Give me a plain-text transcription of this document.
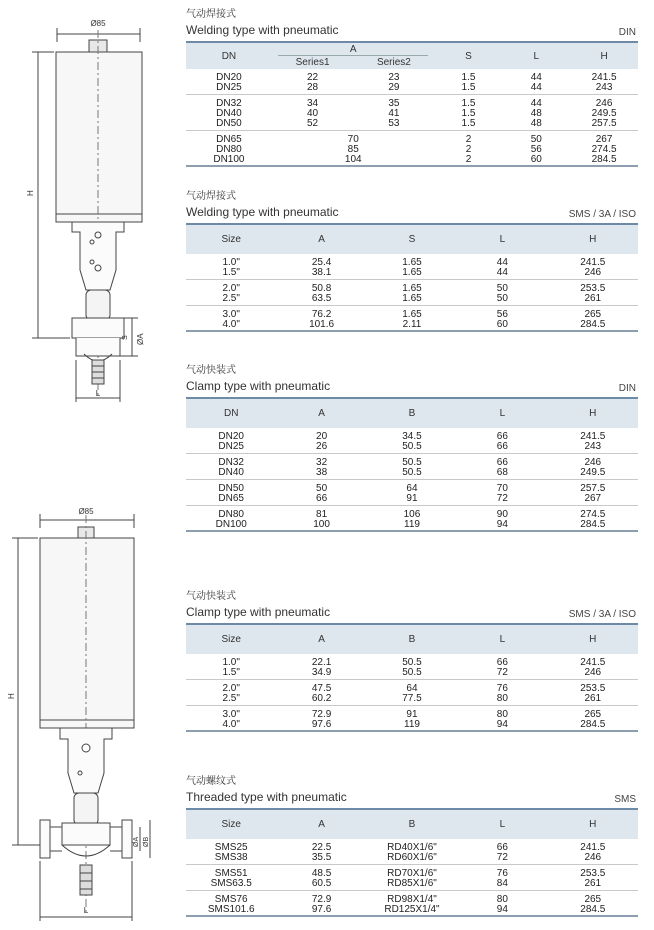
Ø85
H
S ØA
L
Ø85
H
ØA ØB
L
气动焊接式
Welding type with pneumatic	DIN
DN	A		S	L	H
	Series1	Series2			
DN20	22	23	1.5	44	241.5
DN25	28	29	1.5	44	243
DN32	34	35	1.5	44	246
DN40	40	41	1.5	48	249.5
DN50	52	53	1.5	48	257.5
DN65	70		2	50	267
DN80	85		2	56	274.5
DN100	104		2	60	284.5
气动焊接式
Welding type with pneumatic	SMS / 3A / ISO
Size	A	S	L	H
1.0"	25.4	1.65	44	241.5
1.5"	38.1	1.65	44	246
2.0"	50.8	1.65	50	253.5
2.5"	63.5	1.65	50	261
3.0"	76.2	1.65	56	265
4.0"	101.6	2.11	60	284.5
气动快装式
Clamp type with pneumatic	DIN
DN	A	B	L	H
DN20	20	34.5	66	241.5
DN25	26	50.5	66	243
DN32	32	50.5	66	246
DN40	38	50.5	68	249.5
DN50	50	64	70	257.5
DN65	66	91	72	267
DN80	81	106	90	274.5
DN100	100	119	94	284.5
气动快装式
Clamp type with pneumatic	SMS / 3A / ISO
Size	A	B	L	H
1.0"	22.1	50.5	66	241.5
1.5"	34.9	50.5	72	246
2.0"	47.5	64	76	253.5
2.5"	60.2	77.5	80	261
3.0"	72.9	91	80	265
4.0"	97.6	119	94	284.5
气动螺纹式
Threaded type with pneumatic	SMS
Size	A	B	L	H
SMS25	22.5	RD40X1/6"	66	241.5
SMS38	35.5	RD60X1/6"	72	246
SMS51	48.5	RD70X1/6"	76	253.5
SMS63.5	60.5	RD85X1/6"	84	261
SMS76	72.9	RD98X1/4"	80	265
SMS101.6	97.6	RD125X1/4"	94	284.5
